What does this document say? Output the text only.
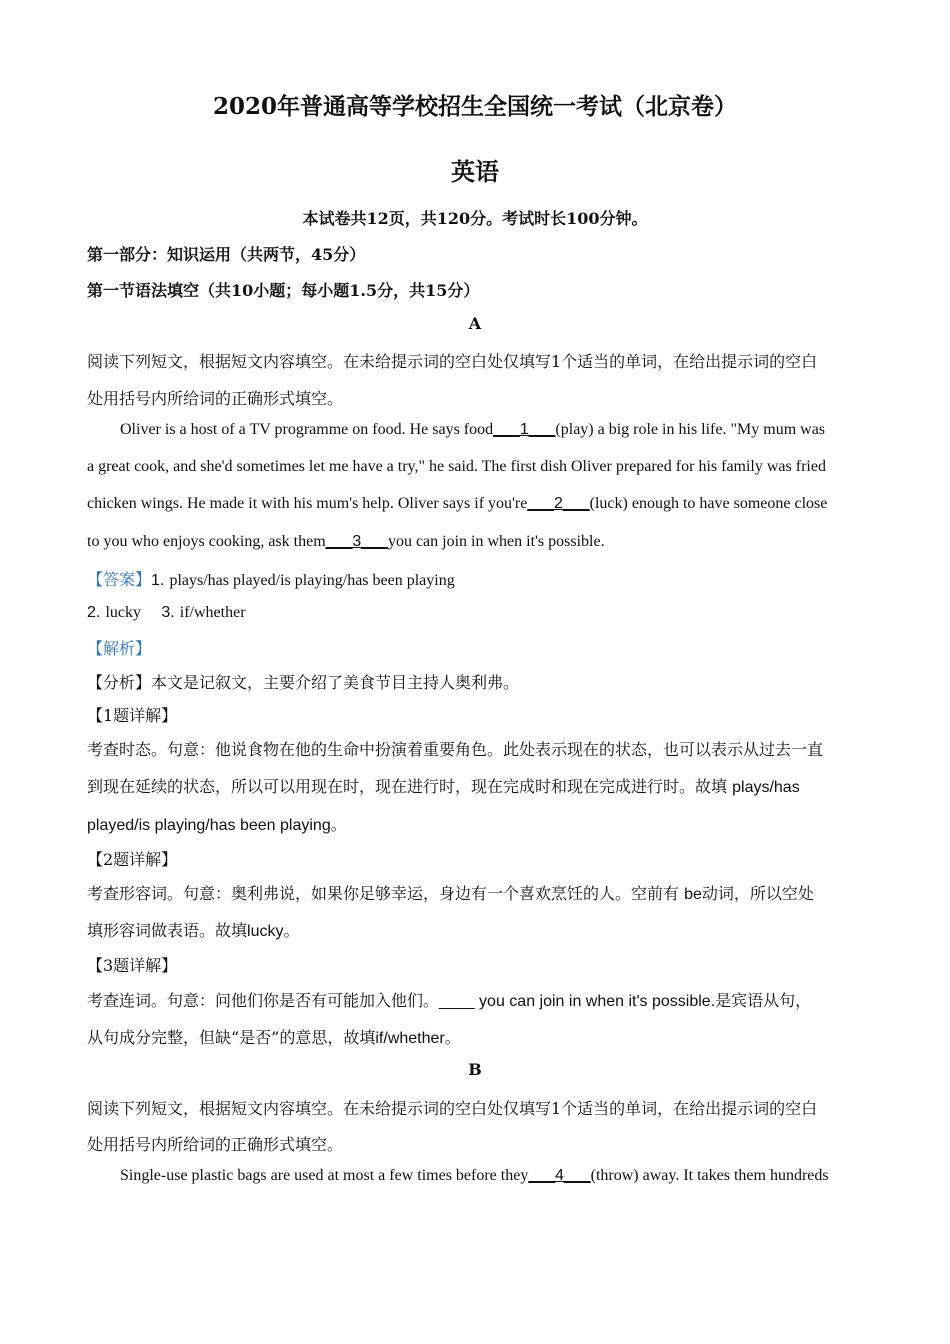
2020年普通高等学校招生全国统一考试（北京卷）
英语
本试卷共12页，共120分。考试时长100分钟。
第一部分：知识运用（共两节，45分）
第一节语法填空（共10小题；每小题1.5分，共15分）
A
阅读下列短文，根据短文内容填空。在未给提示词的空白处仅填写1个适当的单词，在给出提示词的空白
处用括号内所给词的正确形式填空。
Oliver is a host of a TV programme on food. He says food___1___(play) a big role in his life. "My mum was
a great cook, and she'd sometimes let me have a try," he said. The first dish Oliver prepared for his family was fried
chicken wings. He made it with his mum's help. Oliver says if you're___2___(luck) enough to have someone close
to you who enjoys cooking, ask them___3___you can join in when it's possible.
【答案】1. plays/has played/is playing/has been playing
2. lucky 3. if/whether
【解析】
【分析】本文是记叙文，主要介绍了美食节目主持人奥利弗。
【1题详解】
考查时态。句意：他说食物在他的生命中扮演着重要角色。此处表示现在的状态，也可以表示从过去一直
到现在延续的状态，所以可以用现在时，现在进行时，现在完成时和现在完成进行时。故填 plays/has
played/is playing/has been playing。
【2题详解】
考查形容词。句意：奥利弗说，如果你足够幸运，身边有一个喜欢烹饪的人。空前有 be动词，所以空处
填形容词做表语。故填lucky。
【3题详解】
考查连词。句意：问他们你是否有可能加入他们。____ you can join in when it's possible.是宾语从句，
从句成分完整，但缺“是否”的意思，故填if/whether。
B
阅读下列短文，根据短文内容填空。在未给提示词的空白处仅填写1个适当的单词，在给出提示词的空白
处用括号内所给词的正确形式填空。
Single-use plastic bags are used at most a few times before they___4___(throw) away. It takes them hundreds
